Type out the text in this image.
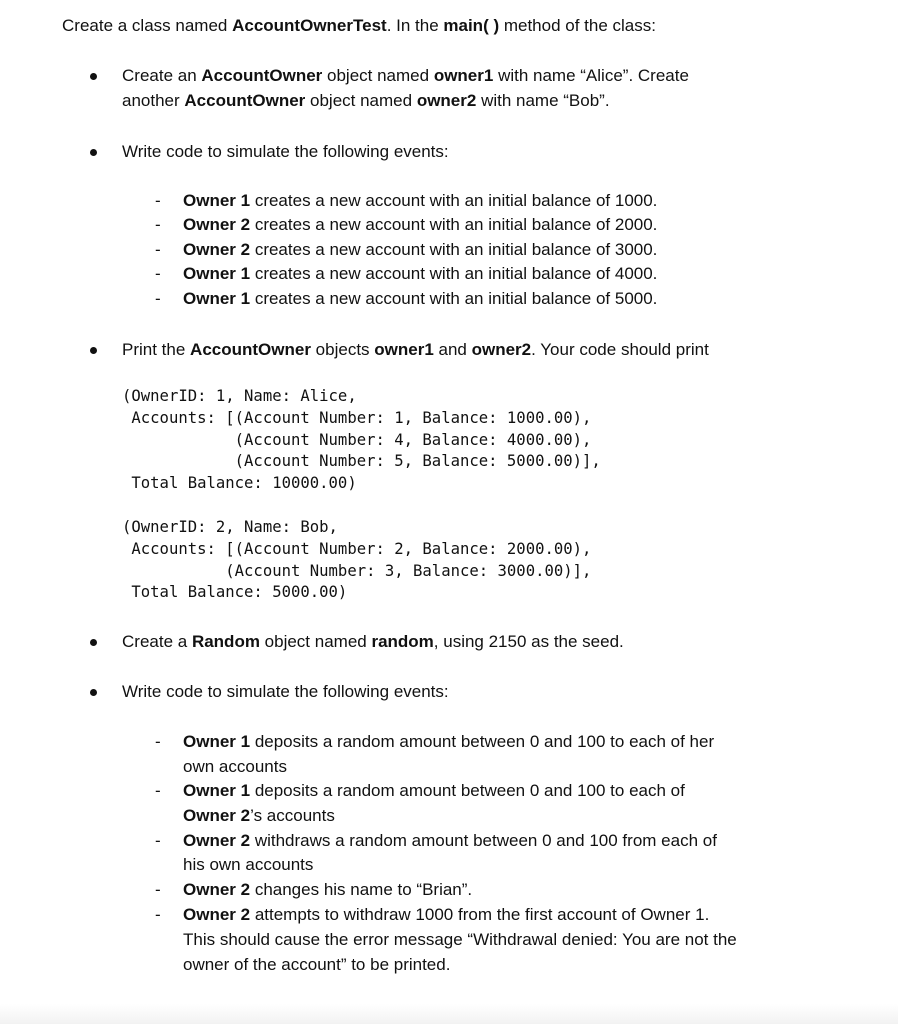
Create a class named AccountOwnerTest. In the main( ) method of the class:
Create an AccountOwner object named owner1 with name “Alice”. Create
another AccountOwner object named owner2 with name “Bob”.
Write code to simulate the following events:
- Owner 1 creates a new account with an initial balance of 1000.
- Owner 2 creates a new account with an initial balance of 2000.
- Owner 2 creates a new account with an initial balance of 3000.
- Owner 1 creates a new account with an initial balance of 4000.
- Owner 1 creates a new account with an initial balance of 5000.
Print the AccountOwner objects owner1 and owner2. Your code should print
(OwnerID: 1, Name: Alice,
Accounts: [(Account Number: 1, Balance: 1000.00),
(Account Number: 4, Balance: 4000.00),
(Account Number: 5, Balance: 5000.00)],
Total Balance: 10000.00)
(OwnerID: 2, Name: Bob,
Accounts: [(Account Number: 2, Balance: 2000.00),
(Account Number: 3, Balance: 3000.00)],
Total Balance: 5000.00)
Create a Random object named random, using 2150 as the seed.
Write code to simulate the following events:
- Owner 1 deposits a random amount between 0 and 100 to each of her
own accounts
- Owner 1 deposits a random amount between 0 and 100 to each of
Owner 2’s accounts
- Owner 2 withdraws a random amount between 0 and 100 from each of
his own accounts
- Owner 2 changes his name to “Brian”.
- Owner 2 attempts to withdraw 1000 from the first account of Owner 1.
This should cause the error message “Withdrawal denied: You are not the
owner of the account” to be printed.
